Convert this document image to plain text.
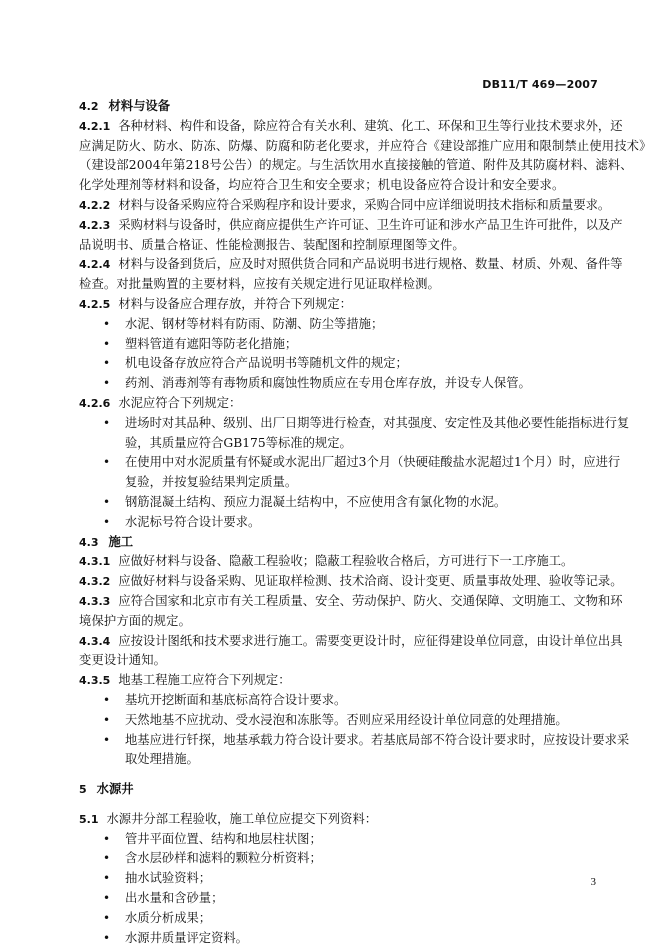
DB11/T 469—2007
4.2 材料与设备
4.2.1 各种材料、构件和设备，除应符合有关水利、建筑、化工、环保和卫生等行业技术要求外，还
应满足防火、防水、防冻、防爆、防腐和防老化要求，并应符合《建设部推广应用和限制禁止使用技术》
（建设部2004年第218号公告）的规定。与生活饮用水直接接触的管道、附件及其防腐材料、滤料、
化学处理剂等材料和设备，均应符合卫生和安全要求；机电设备应符合设计和安全要求。
4.2.2 材料与设备采购应符合采购程序和设计要求，采购合同中应详细说明技术指标和质量要求。
4.2.3 采购材料与设备时，供应商应提供生产许可证、卫生许可证和涉水产品卫生许可批件，以及产
品说明书、质量合格证、性能检测报告、装配图和控制原理图等文件。
4.2.4 材料与设备到货后，应及时对照供货合同和产品说明书进行规格、数量、材质、外观、备件等
检查。对批量购置的主要材料，应按有关规定进行见证取样检测。
4.2.5 材料与设备应合理存放，并符合下列规定：
•	水泥、钢材等材料有防雨、防潮、防尘等措施；
•	塑料管道有遮阳等防老化措施；
•	机电设备存放应符合产品说明书等随机文件的规定；
•	药剂、消毒剂等有毒物质和腐蚀性物质应在专用仓库存放，并设专人保管。
4.2.6 水泥应符合下列规定：
•	进场时对其品种、级别、出厂日期等进行检查，对其强度、安定性及其他必要性能指标进行复
验，其质量应符合GB175等标准的规定。
•	在使用中对水泥质量有怀疑或水泥出厂超过3个月（快硬硅酸盐水泥超过1个月）时，应进行
复验，并按复验结果判定质量。
•	钢筋混凝土结构、预应力混凝土结构中，不应使用含有氯化物的水泥。
•	水泥标号符合设计要求。
4.3 施工
4.3.1 应做好材料与设备、隐蔽工程验收；隐蔽工程验收合格后，方可进行下一工序施工。
4.3.2 应做好材料与设备采购、见证取样检测、技术洽商、设计变更、质量事故处理、验收等记录。
4.3.3 应符合国家和北京市有关工程质量、安全、劳动保护、防火、交通保障、文明施工、文物和环
境保护方面的规定。
4.3.4 应按设计图纸和技术要求进行施工。需要变更设计时，应征得建设单位同意，由设计单位出具
变更设计通知。
4.3.5 地基工程施工应符合下列规定：
•	基坑开挖断面和基底标高符合设计要求。
•	天然地基不应扰动、受水浸泡和冻胀等。否则应采用经设计单位同意的处理措施。
•	地基应进行钎探，地基承载力符合设计要求。若基底局部不符合设计要求时，应按设计要求采
取处理措施。
5 水源井
5.1 水源井分部工程验收，施工单位应提交下列资料：
•	管井平面位置、结构和地层柱状图；
•	含水层砂样和滤料的颗粒分析资料；
•	抽水试验资料；
•	出水量和含砂量；
•	水质分析成果；
•	水源井质量评定资料。
3
